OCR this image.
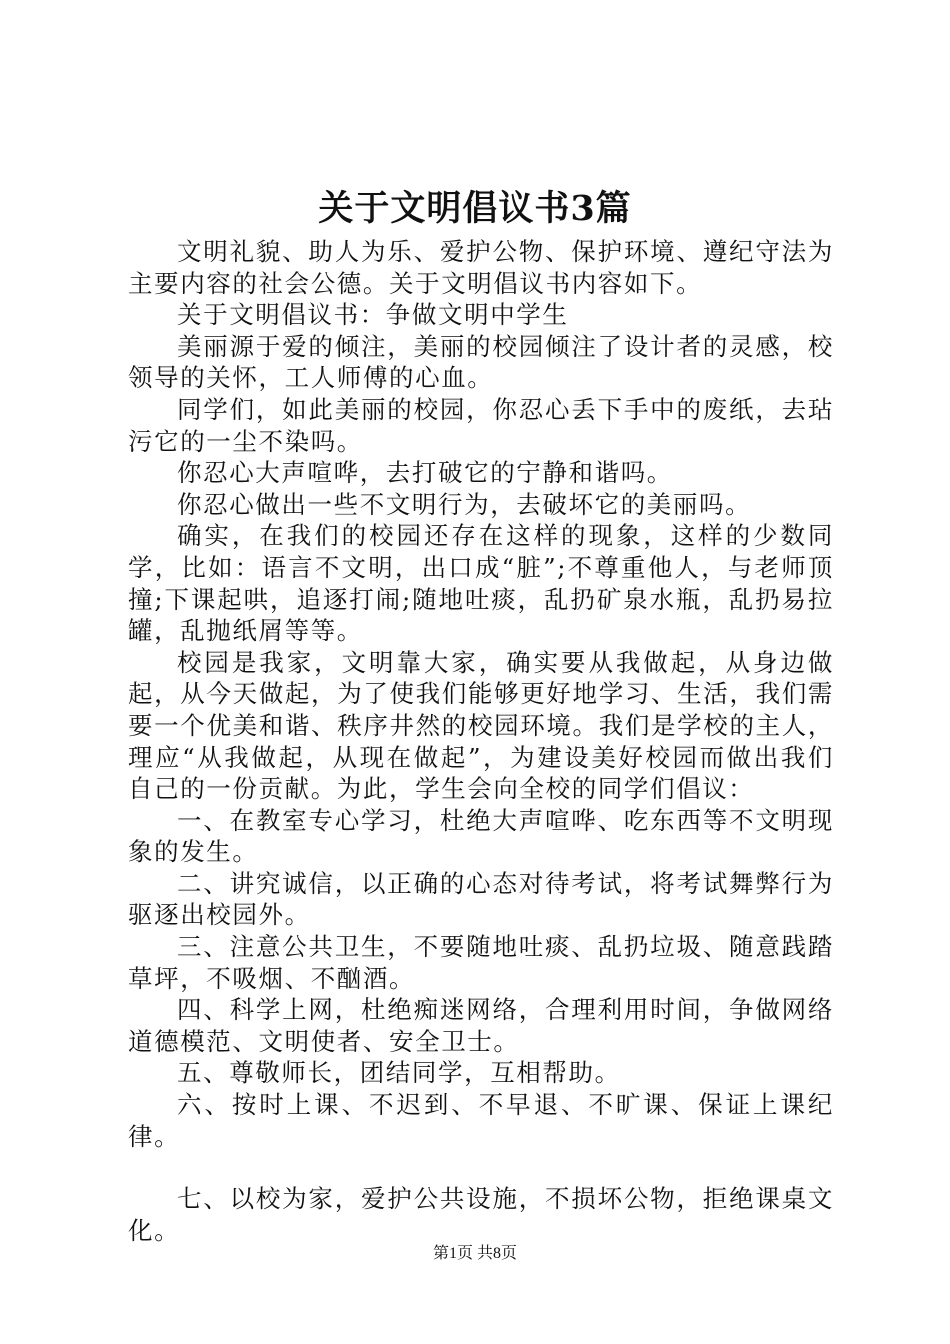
关于文明倡议书3篇

文明礼貌、助人为乐、爱护公物、保护环境、遵纪守法为主要内容的社会公德。关于文明倡议书内容如下。

关于文明倡议书：争做文明中学生

美丽源于爱的倾注，美丽的校园倾注了设计者的灵感，校领导的关怀，工人师傅的心血。

同学们，如此美丽的校园，你忍心丢下手中的废纸，去玷污它的一尘不染吗。

你忍心大声喧哗，去打破它的宁静和谐吗。

你忍心做出一些不文明行为，去破坏它的美丽吗。

确实，在我们的校园还存在这样的现象，这样的少数同学，比如：语言不文明，出口成“脏”;不尊重他人，与老师顶撞;下课起哄，追逐打闹;随地吐痰，乱扔矿泉水瓶，乱扔易拉罐，乱抛纸屑等等。

校园是我家，文明靠大家，确实要从我做起，从身边做起，从今天做起，为了使我们能够更好地学习、生活，我们需要一个优美和谐、秩序井然的校园环境。我们是学校的主人，理应“从我做起，从现在做起”，为建设美好校园而做出我们自己的一份贡献。为此，学生会向全校的同学们倡议：

一、在教室专心学习，杜绝大声喧哗、吃东西等不文明现象的发生。

二、讲究诚信，以正确的心态对待考试，将考试舞弊行为驱逐出校园外。

三、注意公共卫生，不要随地吐痰、乱扔垃圾、随意践踏草坪，不吸烟、不酗酒。

四、科学上网，杜绝痴迷网络，合理利用时间，争做网络道德模范、文明使者、安全卫士。

五、尊敬师长，团结同学，互相帮助。

六、按时上课、不迟到、不早退、不旷课、保证上课纪律。

七、以校为家，爱护公共设施，不损坏公物，拒绝课桌文化。

第1页 共8页
